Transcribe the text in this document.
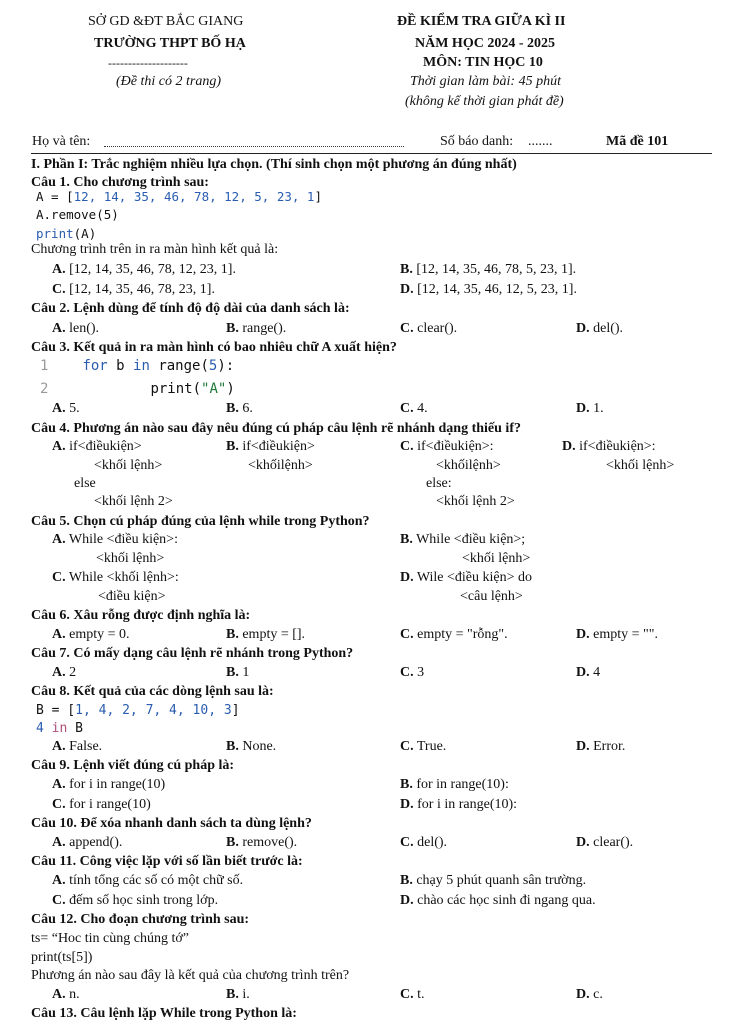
SỞ GD &ĐT BẮC GIANG
TRƯỜNG THPT BỐ HẠ
--------------------
(Đề thi có 2 trang)
ĐỀ KIỂM TRA GIỮA KÌ II
NĂM HỌC 2024 - 2025
MÔN: TIN HỌC 10
Thời gian làm bài: 45 phút
(không kể thời gian phát đề)
Họ và tên:	Số báo danh: .......	Mã đề 101
I. Phần I: Trắc nghiệm nhiều lựa chọn. (Thí sinh chọn một phương án đúng nhất)
Câu 1. Cho chương trình sau:
A = [12, 14, 35, 46, 78, 12, 5, 23, 1]
A.remove(5)
print(A)
Chương trình trên in ra màn hình kết quả là:
A. [12, 14, 35, 46, 78, 12, 23, 1].	B. [12, 14, 35, 46, 78, 5, 23, 1].
C. [12, 14, 35, 46, 78, 23, 1].	D. [12, 14, 35, 46, 12, 5, 23, 1].
Câu 2. Lệnh dùng để tính độ độ dài của danh sách là:
A. len().	B. range().	C. clear().	D. del().
Câu 3. Kết quả in ra màn hình có bao nhiêu chữ A xuất hiện?
1 for b in range(5):
2	print("A")
A. 5.	B. 6.	C. 4.	D. 1.
Câu 4. Phương án nào sau đây nêu đúng cú pháp câu lệnh rẽ nhánh dạng thiếu if?
A. if<điềukiện>
<khối lệnh>
else
<khối lệnh 2>
B. if<điềukiện>
<khốilệnh>
C. if<điềukiện>:
<khốilệnh>
else:
<khối lệnh 2>
D. if<điềukiện>:
<khối lệnh>
Câu 5. Chọn cú pháp đúng của lệnh while trong Python?
A. While <điều kiện>:
<khối lệnh>
B. While <điều kiện>;
<khối lệnh>
C. While <khối lệnh>:
<điều kiện>
D. Wile <điều kiện> do
<câu lệnh>
Câu 6. Xâu rỗng được định nghĩa là:
A. empty = 0.	B. empty = [].	C. empty = "rỗng".	D. empty = "".
Câu 7. Có mấy dạng câu lệnh rẽ nhánh trong Python?
A. 2	B. 1	C. 3	D. 4
Câu 8. Kết quả của các dòng lệnh sau là:
B = [1, 4, 2, 7, 4, 10, 3]
4 in B
A. False.	B. None.	C. True.	D. Error.
Câu 9. Lệnh viết đúng cú pháp là:
A. for i in range(10)	B. for in range(10):
C. for i range(10)	D. for i in range(10):
Câu 10. Để xóa nhanh danh sách ta dùng lệnh?
A. append().	B. remove().	C. del().	D. clear().
Câu 11. Công việc lặp với số lần biết trước là:
A. tính tổng các số có một chữ số.	B. chạy 5 phút quanh sân trường.
C. đếm số học sinh trong lớp.	D. chào các học sinh đi ngang qua.
Câu 12. Cho đoạn chương trình sau:
ts= “Hoc tin cùng chúng tớ”
print(ts[5])
Phương án nào sau đây là kết quả của chương trình trên?
A. n.	B. i.	C. t.	D. c.
Câu 13. Câu lệnh lặp While trong Python là:
